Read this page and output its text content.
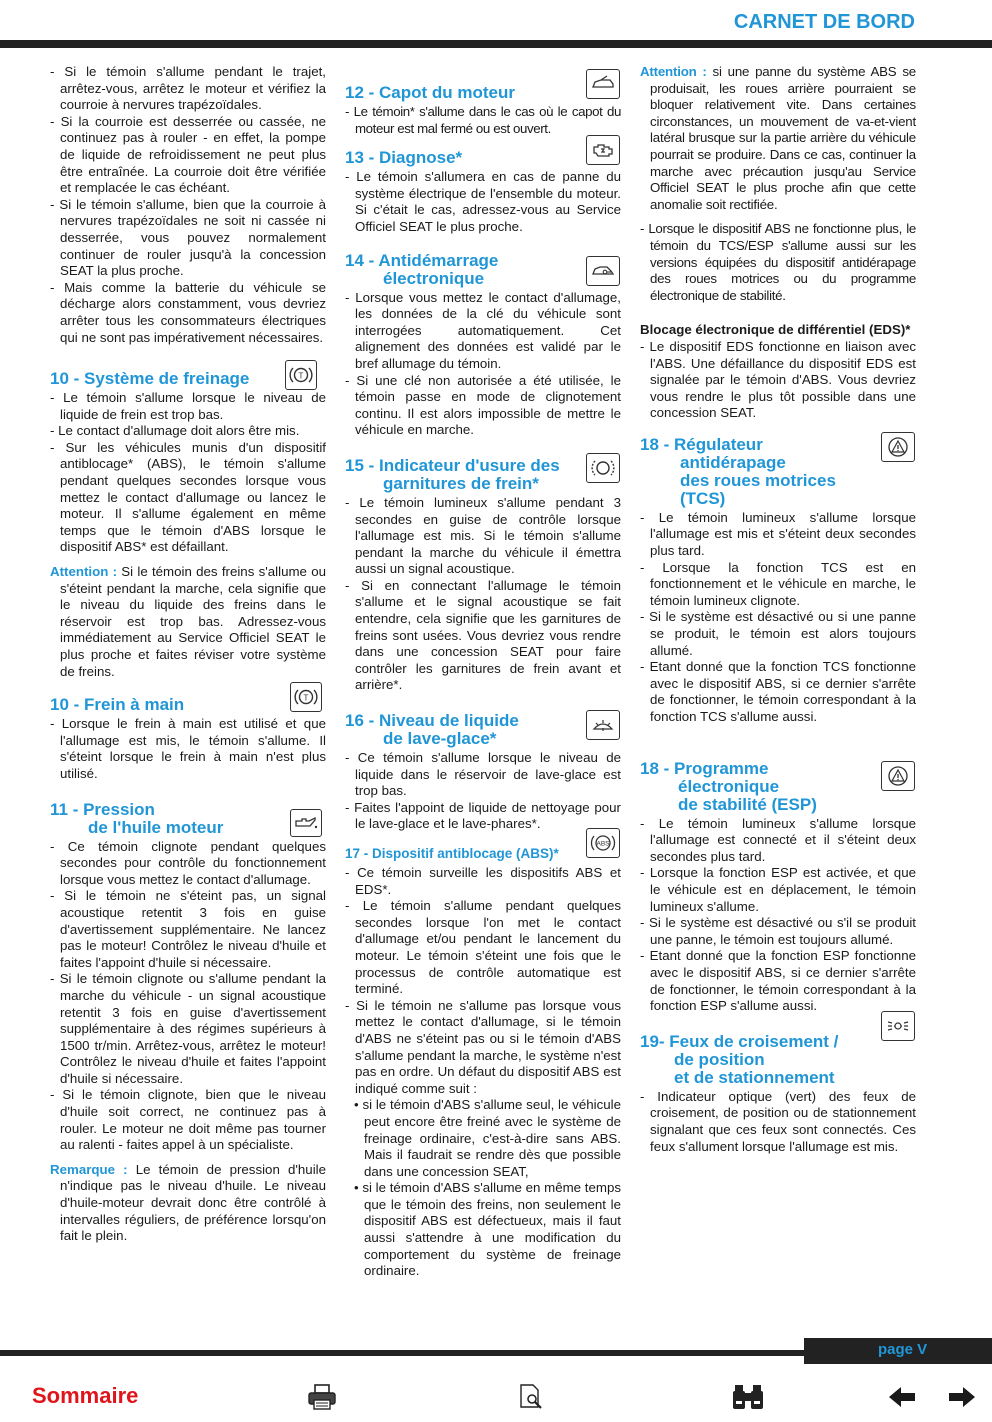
CARNET DE BORD

- Si le témoin s'allume pendant le trajet, arrêtez-vous, arrêtez le moteur et vérifiez la courroie à nervures trapézoïdales.

- Si la courroie est desserrée ou cassée, ne continuez pas à rouler - en effet, la pompe de liquide de refroidissement ne peut plus être entraînée. La courroie doit être vérifiée et remplacée le cas échéant.

- Si le témoin s'allume, bien que la courroie à nervures trapézoïdales ne soit ni cassée ni desserrée, vous pouvez normalement continuer de rouler jusqu'à la concession SEAT la plus proche.

- Mais comme la batterie du véhicule se décharge alors constamment, vous devriez arrêter tous les consommateurs électriques qui ne sont pas impérativement nécessaires.

T
10 - Système de freinage

- Le témoin s'allume lorsque le niveau de liquide de frein est trop bas.

- Le contact d'allumage doit alors être mis.

- Sur les véhicules munis d'un dispositif antiblocage* (ABS), le témoin s'allume pendant quelques secondes lorsque vous mettez le contact d'allumage ou lancez le moteur. Il s'allume également en même temps que le témoin d'ABS lorsque le dispositif ABS* est défaillant.

Attention : Si le témoin des freins s'allume ou s'éteint pendant la marche, cela signifie que le niveau du liquide des freins dans le réservoir est trop bas. Adressez-vous immédiatement au Service Officiel SEAT le plus proche et faites réviser votre système de freins.

T
10 - Frein à main

- Lorsque le frein à main est utilisé et que l'allumage est mis, le témoin s'allume. Il s'éteint lorsque le frein à main n'est plus utilisé.

11 - Pression
de l'huile moteur

- Ce témoin clignote pendant quelques secondes pour contrôle du fonctionnement lorsque vous mettez le contact d'allumage.

- Si le témoin ne s'éteint pas, un signal acoustique retentit 3 fois en guise d'avertissement supplémentaire. Ne lancez pas le moteur! Contrôlez le niveau d'huile et faites l'appoint d'huile si nécessaire.

- Si le témoin clignote ou s'allume pendant la marche du véhicule - un signal acoustique retentit 3 fois en guise d'avertissement supplémentaire à des régimes supérieurs à 1500 tr/min. Arrêtez-vous, arrêtez le moteur! Contrôlez le niveau d'huile et faites l'appoint d'huile si nécessaire.

- Si le témoin clignote, bien que le niveau d'huile soit correct, ne continuez pas à rouler. Le moteur ne doit même pas tourner au ralenti - faites appel à un spécialiste.

Remarque : Le témoin de pression d'huile n'indique pas le niveau d'huile. Le niveau d'huile-moteur devrait donc être contrôlé à intervalles réguliers, de préférence lorsqu'on fait le plein.

12 - Capot du moteur

- Le témoin* s'allume dans le cas où le capot du moteur est mal fermé ou est ouvert.

13 - Diagnose*

- Le témoin s'allumera en cas de panne du système électrique de l'ensemble du moteur. Si c'était le cas, adressez-vous au Service Officiel SEAT le plus proche.

14 - Antidémarrage
électronique

- Lorsque vous mettez le contact d'allumage, les données de la clé du véhicule sont interrogées automatiquement. Cet alignement des données est validé par le bref allumage du témoin.

- Si une clé non autorisée a été utilisée, le témoin passe en mode de clignotement continu. Il est alors impossible de mettre le véhicule en marche.

15 - Indicateur d'usure des
garnitures de frein*

- Le témoin lumineux s'allume pendant 3 secondes en guise de contrôle lorsque l'allumage est mis. Si le témoin s'allume pendant la marche du véhicule il émettra aussi un signal acoustique.

- Si en connectant l'allumage le témoin s'allume et le signal acoustique se fait entendre, cela signifie que les garnitures de freins sont usées. Vous devriez vous rendre dans une concession SEAT pour faire contrôler les garnitures de frein avant et arrière*.

16 - Niveau de liquide
de lave-glace*

- Ce témoin s'allume lorsque le niveau de liquide dans le réservoir de lave-glace est trop bas.

- Faites l'appoint de liquide de nettoyage pour le lave-glace et le lave-phares*.

ABS
17 - Dispositif antiblocage (ABS)*

- Ce témoin surveille les dispositifs ABS et EDS*.

- Le témoin s'allume pendant quelques secondes lorsque l'on met le contact d'allumage et/ou pendant le lancement du moteur. Le témoin s'éteint une fois que le processus de contrôle automatique est terminé.

- Si le témoin ne s'allume pas lorsque vous mettez le contact d'allumage, si le témoin d'ABS ne s'éteint pas ou si le témoin d'ABS s'allume pendant la marche, le système n'est pas en ordre. Un défaut du dispositif ABS est indiqué comme suit :

• si le témoin d'ABS s'allume seul, le véhicule peut encore être freiné avec le système de freinage ordinaire, c'est-à-dire sans ABS. Mais il faudrait se rendre dès que possible dans une concession SEAT,

• si le témoin d'ABS s'allume en même temps que le témoin des freins, non seulement le dispositif ABS est défectueux, mais il faut aussi s'attendre à une modification du comportement du système de freinage ordinaire.

Attention : si une panne du système ABS se produisait, les roues arrière pourraient se bloquer relativement vite. Dans certaines circonstances, un mouvement de va-et-vient latéral brusque sur la partie arrière du véhicule pourrait se produire. Dans ce cas, continuer la marche avec précaution jusqu'au Service Officiel SEAT le plus proche afin que cette anomalie soit rectifiée.

- Lorsque le dispositif ABS ne fonctionne plus, le témoin du TCS/ESP s'allume aussi sur les versions équipées du dispositif antidérapage des roues motrices ou du programme électronique de stabilité.

Blocage électronique de différentiel (EDS)*

- Le dispositif EDS fonctionne en liaison avec l'ABS. Une défaillance du dispositif EDS est signalée par le témoin d'ABS. Vous devriez vous rendre le plus tôt possible dans une concession SEAT.

18 - Régulateur
antidérapage
des roues motrices
(TCS)

- Le témoin lumineux s'allume lorsque l'allumage est mis et s'éteint deux secondes plus tard.

- Lorsque la fonction TCS est en fonctionnement et le véhicule en marche, le témoin lumineux clignote.

- Si le système est désactivé ou si une panne se produit, le témoin est alors toujours allumé.

- Etant donné que la fonction TCS fonctionne avec le dispositif ABS, si ce dernier s'arrête de fonctionner, le témoin correspondant à la fonction TCS s'allume aussi.

18 - Programme
électronique
de stabilité (ESP)

- Le témoin lumineux s'allume lorsque l'allumage est connecté et il s'éteint deux secondes plus tard.

- Lorsque la fonction ESP est activée, et que le véhicule est en déplacement, le témoin lumineux s'allume.

- Si le système est désactivé ou s'il se produit une panne, le témoin est toujours allumé.

- Etant donné que la fonction ESP fonctionne avec le dispositif ABS, si ce dernier s'arrête de fonctionner, le témoin correspondant à la fonction ESP s'allume aussi.

19- Feux de croisement /
de position
et de stationnement

- Indicateur optique (vert) des feux de croisement, de position ou de stationnement signalant que ces feux sont connectés. Ces feux s'allument lorsque l'allumage est mis.

page V
Sommaire
